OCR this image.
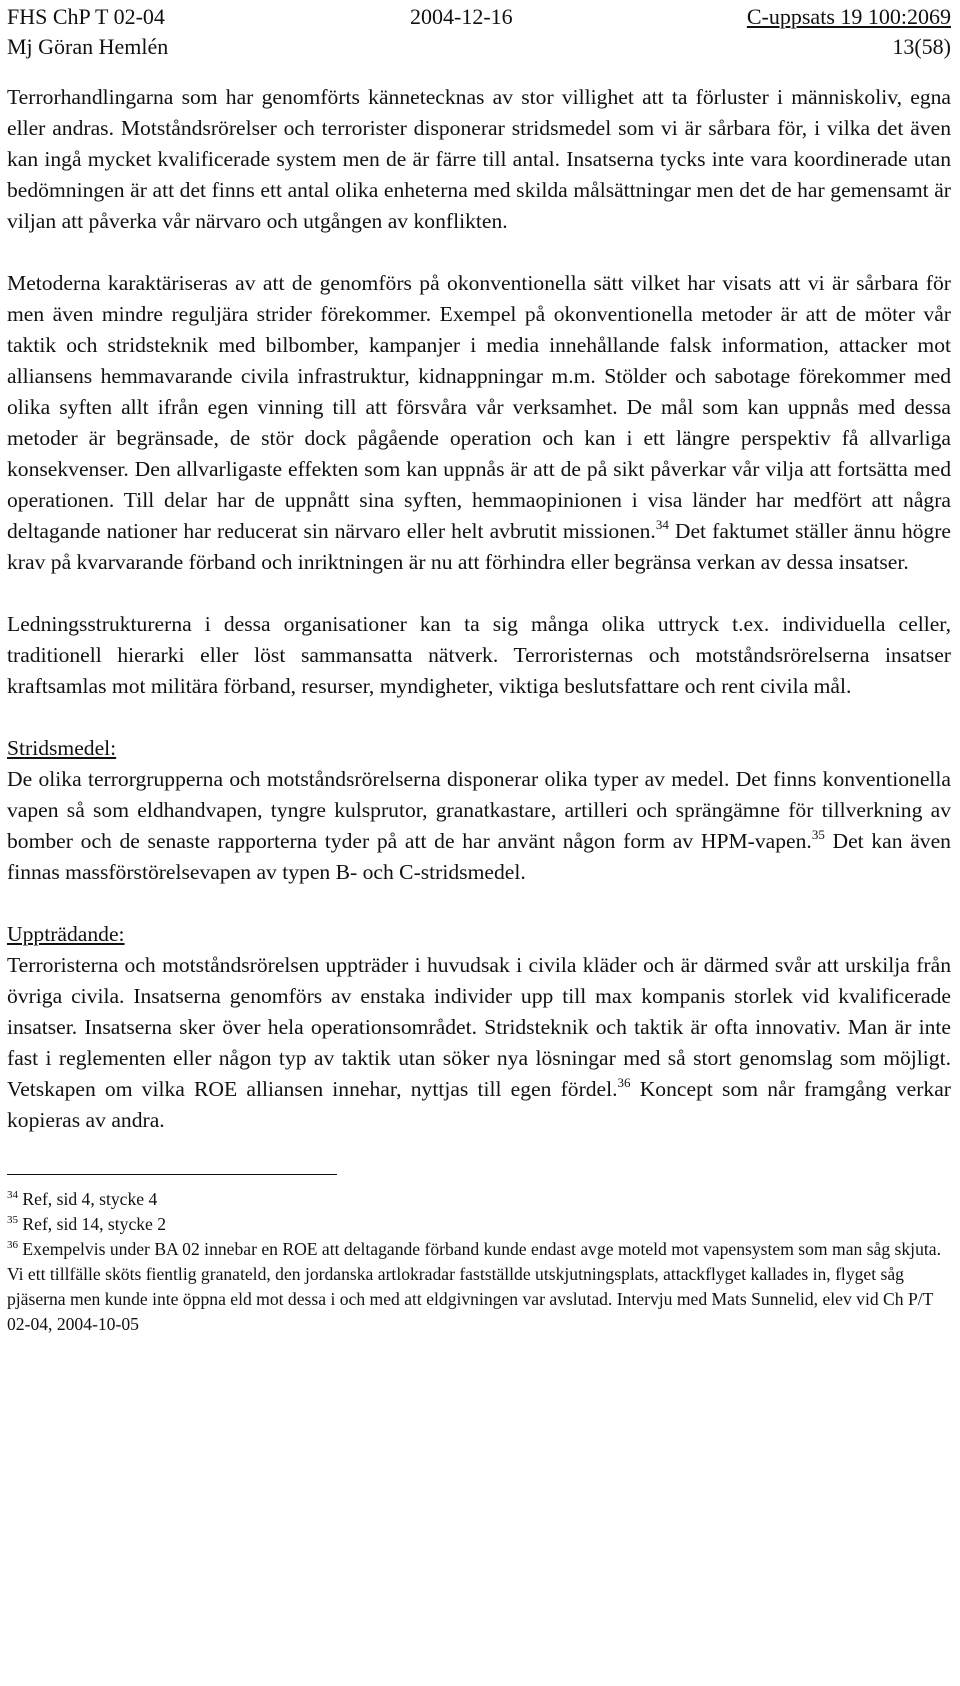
FHS ChP T 02-04	2004-12-16	C-uppsats 19 100:2069
Mj Göran Hemlén	13(58)

Terrorhandlingarna som har genomförts kännetecknas av stor villighet att ta förluster i människoliv, egna eller andras. Motståndsrörelser och terrorister disponerar stridsmedel som vi är sårbara för, i vilka det även kan ingå mycket kvalificerade system men de är färre till antal. Insatserna tycks inte vara koordinerade utan bedömningen är att det finns ett antal olika enheterna med skilda målsättningar men det de har gemensamt är viljan att påverka vår närvaro och utgången av konflikten.

Metoderna karaktäriseras av att de genomförs på okonventionella sätt vilket har visats att vi är sårbara för men även mindre reguljära strider förekommer. Exempel på okonventionella metoder är att de möter vår taktik och stridsteknik med bilbomber, kampanjer i media innehållande falsk information, attacker mot alliansens hemmavarande civila infrastruktur, kidnappningar m.m. Stölder och sabotage förekommer med olika syften allt ifrån egen vinning till att försvåra vår verksamhet. De mål som kan uppnås med dessa metoder är begränsade, de stör dock pågående operation och kan i ett längre perspektiv få allvarliga konsekvenser. Den allvarligaste effekten som kan uppnås är att de på sikt påverkar vår vilja att fortsätta med operationen. Till delar har de uppnått sina syften, hemmaopinionen i visa länder har medfört att några deltagande nationer har reducerat sin närvaro eller helt avbrutit missionen.$^{34}$ Det faktumet ställer ännu högre krav på kvarvarande förband och inriktningen är nu att förhindra eller begränsa verkan av dessa insatser.

Ledningsstrukturerna i dessa organisationer kan ta sig många olika uttryck t.ex. individuella celler, traditionell hierarki eller löst sammansatta nätverk. Terroristernas och motståndsrörelserna insatser kraftsamlas mot militära förband, resurser, myndigheter, viktiga beslutsfattare och rent civila mål.

Stridsmedel:

De olika terrorgrupperna och motståndsrörelserna disponerar olika typer av medel. Det finns konventionella vapen så som eldhandvapen, tyngre kulsprutor, granatkastare, artilleri och sprängämne för tillverkning av bomber och de senaste rapporterna tyder på att de har använt någon form av HPM-vapen.$^{35}$ Det kan även finnas massförstörelsevapen av typen B- och C-stridsmedel.

Uppträdande:

Terroristerna och motståndsrörelsen uppträder i huvudsak i civila kläder och är därmed svår att urskilja från övriga civila. Insatserna genomförs av enstaka individer upp till max kompanis storlek vid kvalificerade insatser. Insatserna sker över hela operationsområdet. Stridsteknik och taktik är ofta innovativ. Man är inte fast i reglementen eller någon typ av taktik utan söker nya lösningar med så stort genomslag som möjligt. Vetskapen om vilka ROE alliansen innehar, nyttjas till egen fördel.$^{36}$ Koncept som når framgång verkar kopieras av andra.

$^{34}$ Ref, sid 4, stycke 4

$^{35}$ Ref, sid 14, stycke 2

$^{36}$ Exempelvis under BA 02 innebar en ROE att deltagande förband kunde endast avge moteld mot vapensystem som man såg skjuta. Vi ett tillfälle sköts fientlig granateld, den jordanska artlokradar fastställde utskjutningsplats, attackflyget kallades in, flyget såg pjäserna men kunde inte öppna eld mot dessa i och med att eldgivningen var avslutad. Intervju med Mats Sunnelid, elev vid Ch P/T 02-04, 2004-10-05
